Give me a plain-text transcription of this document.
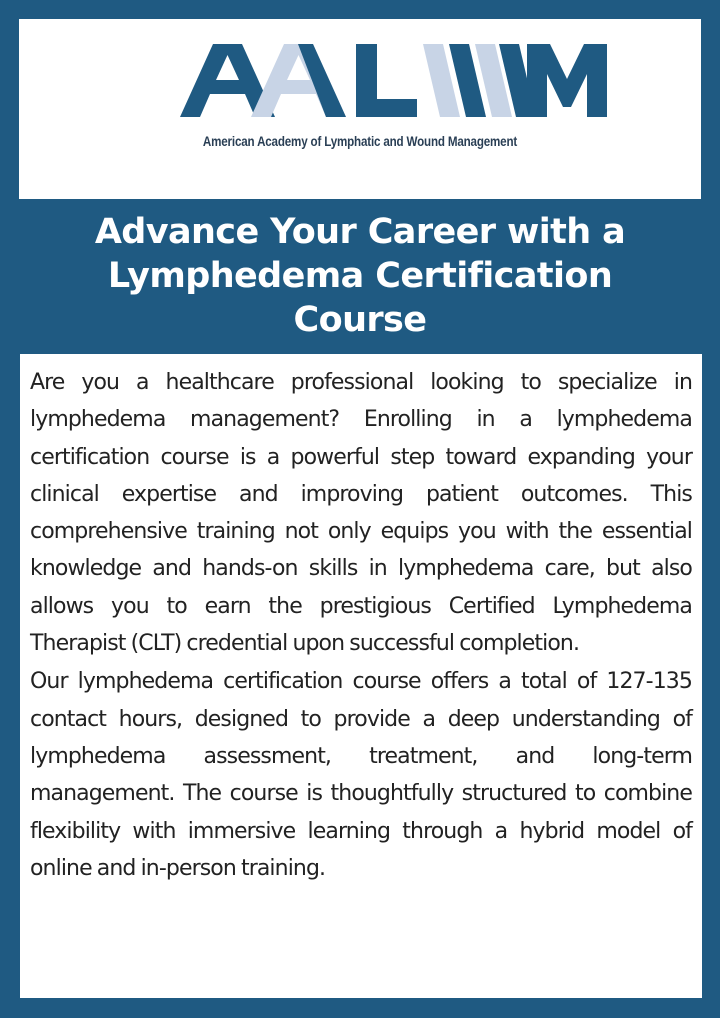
American Academy of Lymphatic and Wound Management
Advance Your Career with a Lymphedema Certification Course

Are you a healthcare professional looking to specialize in lymphedema management? Enrolling in a lymphedema certification course is a powerful step toward expanding your clinical expertise and improving patient outcomes. This comprehensive training not only equips you with the essential knowledge and hands-on skills in lymphedema care, but also allows you to earn the prestigious Certified Lymphedema Therapist (CLT) credential upon successful completion.

Our lymphedema certification course offers a total of 127-135 contact hours, designed to provide a deep understanding of lymphedema assessment, treatment, and long-term management. The course is thoughtfully structured to combine flexibility with immersive learning through a hybrid model of online and in-person training.
